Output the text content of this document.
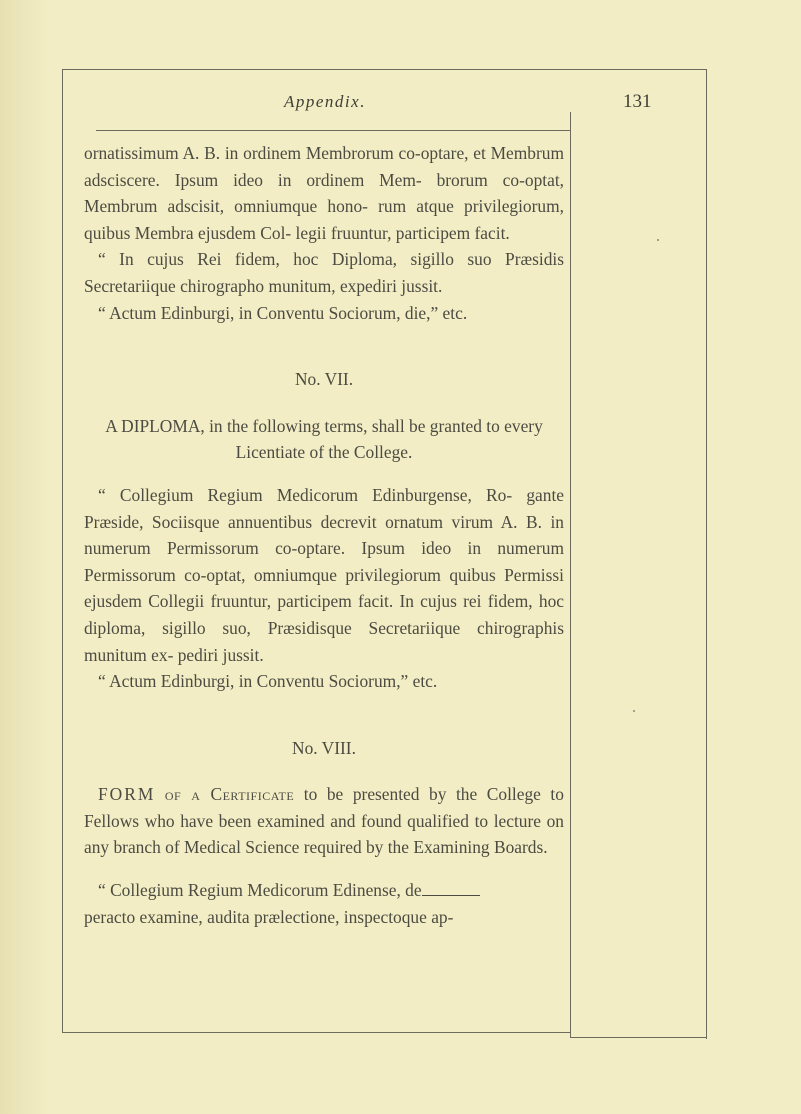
Appendix.	131

ornatissimum A. B. in ordinem Membrorum co-optare, et Membrum adsciscere. Ipsum ideo in ordinem Mem- brorum co-optat, Membrum adscisit, omniumque hono- rum atque privilegiorum, quibus Membra ejusdem Col- legii fruuntur, participem facit.

“ In cujus Rei fidem, hoc Diploma, sigillo suo Præsidis Secretariique chirographo munitum, expediri jussit.

“ Actum Edinburgi, in Conventu Sociorum, die,” etc.

No. VII.

A DIPLOMA, in the following terms, shall be granted to every Licentiate of the College.

“ Collegium Regium Medicorum Edinburgense, Ro- gante Præside, Sociisque annuentibus decrevit ornatum virum A. B. in numerum Permissorum co-optare. Ipsum ideo in numerum Permissorum co-optat, omniumque privilegiorum quibus Permissi ejusdem Collegii fruuntur, participem facit. In cujus rei fidem, hoc diploma, sigillo suo, Præsidisque Secretariique chirographis munitum ex- pediri jussit.

“ Actum Edinburgi, in Conventu Sociorum,” etc.

No. VIII.

FORM of a Certificate to be presented by the College to Fellows who have been examined and found qualified to lecture on any branch of Medical Science required by the Examining Boards.

“ Collegium Regium Medicorum Edinense, de

peracto examine, audita prælectione, inspectoque ap-
